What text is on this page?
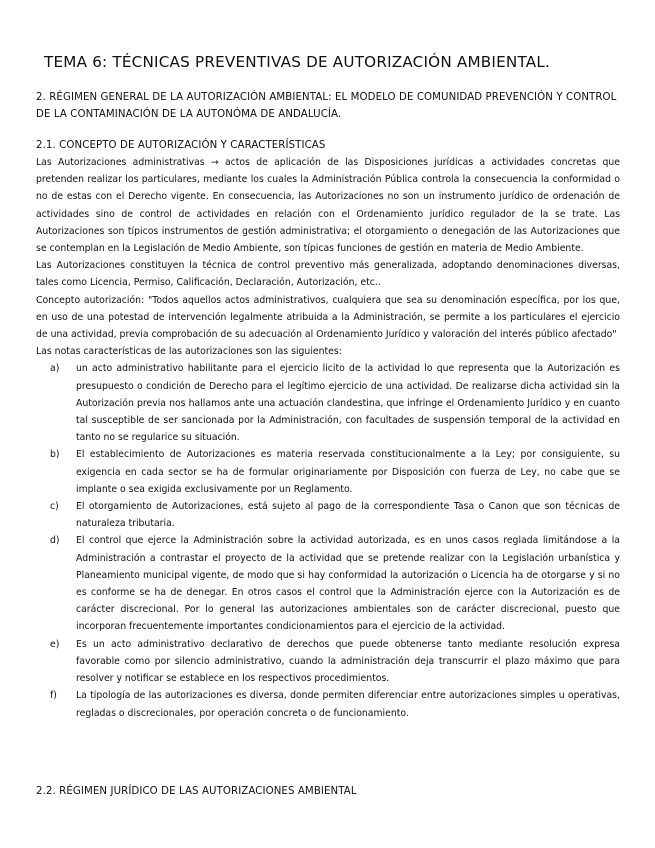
TEMA 6: TÉCNICAS PREVENTIVAS DE AUTORIZACIÓN AMBIENTAL.
2. RÉGIMEN GENERAL DE LA AUTORIZACIÓN AMBIENTAL: EL MODELO DE COMUNIDAD PREVENCIÓN Y CONTROL DE LA CONTAMINACIÓN DE LA AUTONÓMA DE ANDALUCÍA.
2.1. CONCEPTO DE AUTORIZACIÓN Y CARACTERÍSTICAS

Las Autorizaciones administrativas → actos de aplicación de las Disposiciones jurídicas a actividades concretas que pretenden realizar los particulares, mediante los cuales la Administración Pública controla la consecuencia la conformidad o no de estas con el Derecho vigente. En consecuencia, las Autorizaciones no son un instrumento jurídico de ordenación de actividades sino de control de actividades en relación con el Ordenamiento jurídico regulador de la se trate. Las Autorizaciones son típicos instrumentos de gestión administrativa; el otorgamiento o denegación de las Autorizaciones que se contemplan en la Legislación de Medio Ambiente, son típicas funciones de gestión en materia de Medio Ambiente.

Las Autorizaciones constituyen la técnica de control preventivo más generalizada, adoptando denominaciones diversas, tales como Licencia, Permiso, Calificación, Declaración, Autorización, etc..

Concepto autorización: "Todos aquellos actos administrativos, cualquiera que sea su denominación específica, por los que, en uso de una potestad de intervención legalmente atribuida a la Administración, se permite a los particulares el ejercicio de una actividad, previa comprobación de su adecuación al Ordenamiento Jurídico y valoración del interés público afectado"

Las notas características de las autorizaciones son las siguientes:

a) un acto administrativo habilitante para el ejercicio licito de la actividad lo que representa que la Autorización es presupuesto o condición de Derecho para el legítimo ejercicio de una actividad. De realizarse dicha actividad sin la Autorización previa nos hallamos ante una actuación clandestina, que infringe el Ordenamiento Jurídico y en cuanto tal susceptible de ser sancionada por la Administración, con facultades de suspensión temporal de la actividad en tanto no se regularice su situación.
b) El establecimiento de Autorizaciones es materia reservada constitucionalmente a la Ley; por consiguiente, su exigencia en cada sector se ha de formular originariamente por Disposición con fuerza de Ley, no cabe que se implante o sea exigida exclusivamente por un Reglamento.
c) El otorgamiento de Autorizaciones, está sujeto al pago de la correspondiente Tasa o Canon que son técnicas de naturaleza tributaria.
d) El control que ejerce la Administración sobre la actividad autorizada, es en unos casos reglada limitándose a la Administración a contrastar el proyecto de la actividad que se pretende realizar con la Legislación urbanística y Planeamiento municipal vigente, de modo que si hay conformidad la autorización o Licencia ha de otorgarse y si no es conforme se ha de denegar. En otros casos el control que la Administración ejerce con la Autorización es de carácter discrecional. Por lo general las autorizaciones ambientales son de carácter discrecional, puesto que incorporan frecuentemente importantes condicionamientos para el ejercicio de la actividad.
e) Es un acto administrativo declarativo de derechos que puede obtenerse tanto mediante resolución expresa favorable como por silencio administrativo, cuando la administración deja transcurrir el plazo máximo que para resolver y notificar se establece en los respectivos procedimientos.
f) La tipología de las autorizaciones es diversa, donde permiten diferenciar entre autorizaciones simples u operativas, regladas o discrecionales, por operación concreta o de funcionamiento.
2.2. RÉGIMEN JURÍDICO DE LAS AUTORIZACIONES AMBIENTAL
